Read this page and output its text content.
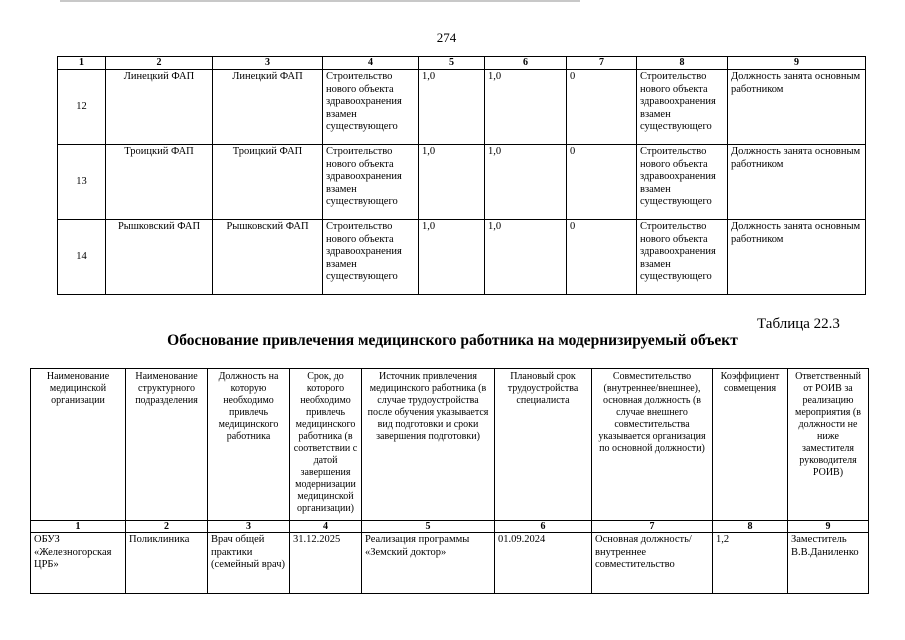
274
1	2	3	4	5	6	7	8	9
12	Линецкий ФАП	Линецкий ФАП	Строительство нового объекта здравоохранения взамен существующего	1,0	1,0	0	Строительство нового объекта здравоохранения взамен существующего	Должность занята основным работником
13	Троицкий ФАП	Троицкий ФАП	Строительство нового объекта здравоохранения взамен существующего	1,0	1,0	0	Строительство нового объекта здравоохранения взамен существующего	Должность занята основным работником
14	Рышковский ФАП	Рышковский ФАП	Строительство нового объекта здравоохранения взамен существующего	1,0	1,0	0	Строительство нового объекта здравоохранения взамен существующего	Должность занята основным работником
Таблица 22.3
Обоснование привлечения медицинского работника на модернизируемый объект
Наименование медицинской организации	Наименование структурного подразделения	Должность на которую необходимо привлечь медицинского работника	Срок, до которого необходимо привлечь медицинского работника (в соответствии с датой завершения модернизации медицинской организации)	Источник привлечения медицинского работника (в случае трудоустройства после обучения указывается вид подготовки и сроки завершения подготовки)	Плановый срок трудоустройства специалиста	Совместительство (внутреннее/внешнее), основная должность (в случае внешнего совместительства указывается организация по основной должности)	Коэффициент совмещения	Ответственный от РОИВ за реализацию мероприятия (в должности не ниже заместителя руководителя РОИВ)
1	2	3	4	5	6	7	8	9
ОБУЗ «Железногорская ЦРБ»	Поликлиника	Врач общей практики (семейный врач)	31.12.2025	Реализация программы «Земский доктор»	01.09.2024	Основная должность/внутреннее совместительство	1,2	Заместитель В.В.Даниленко
